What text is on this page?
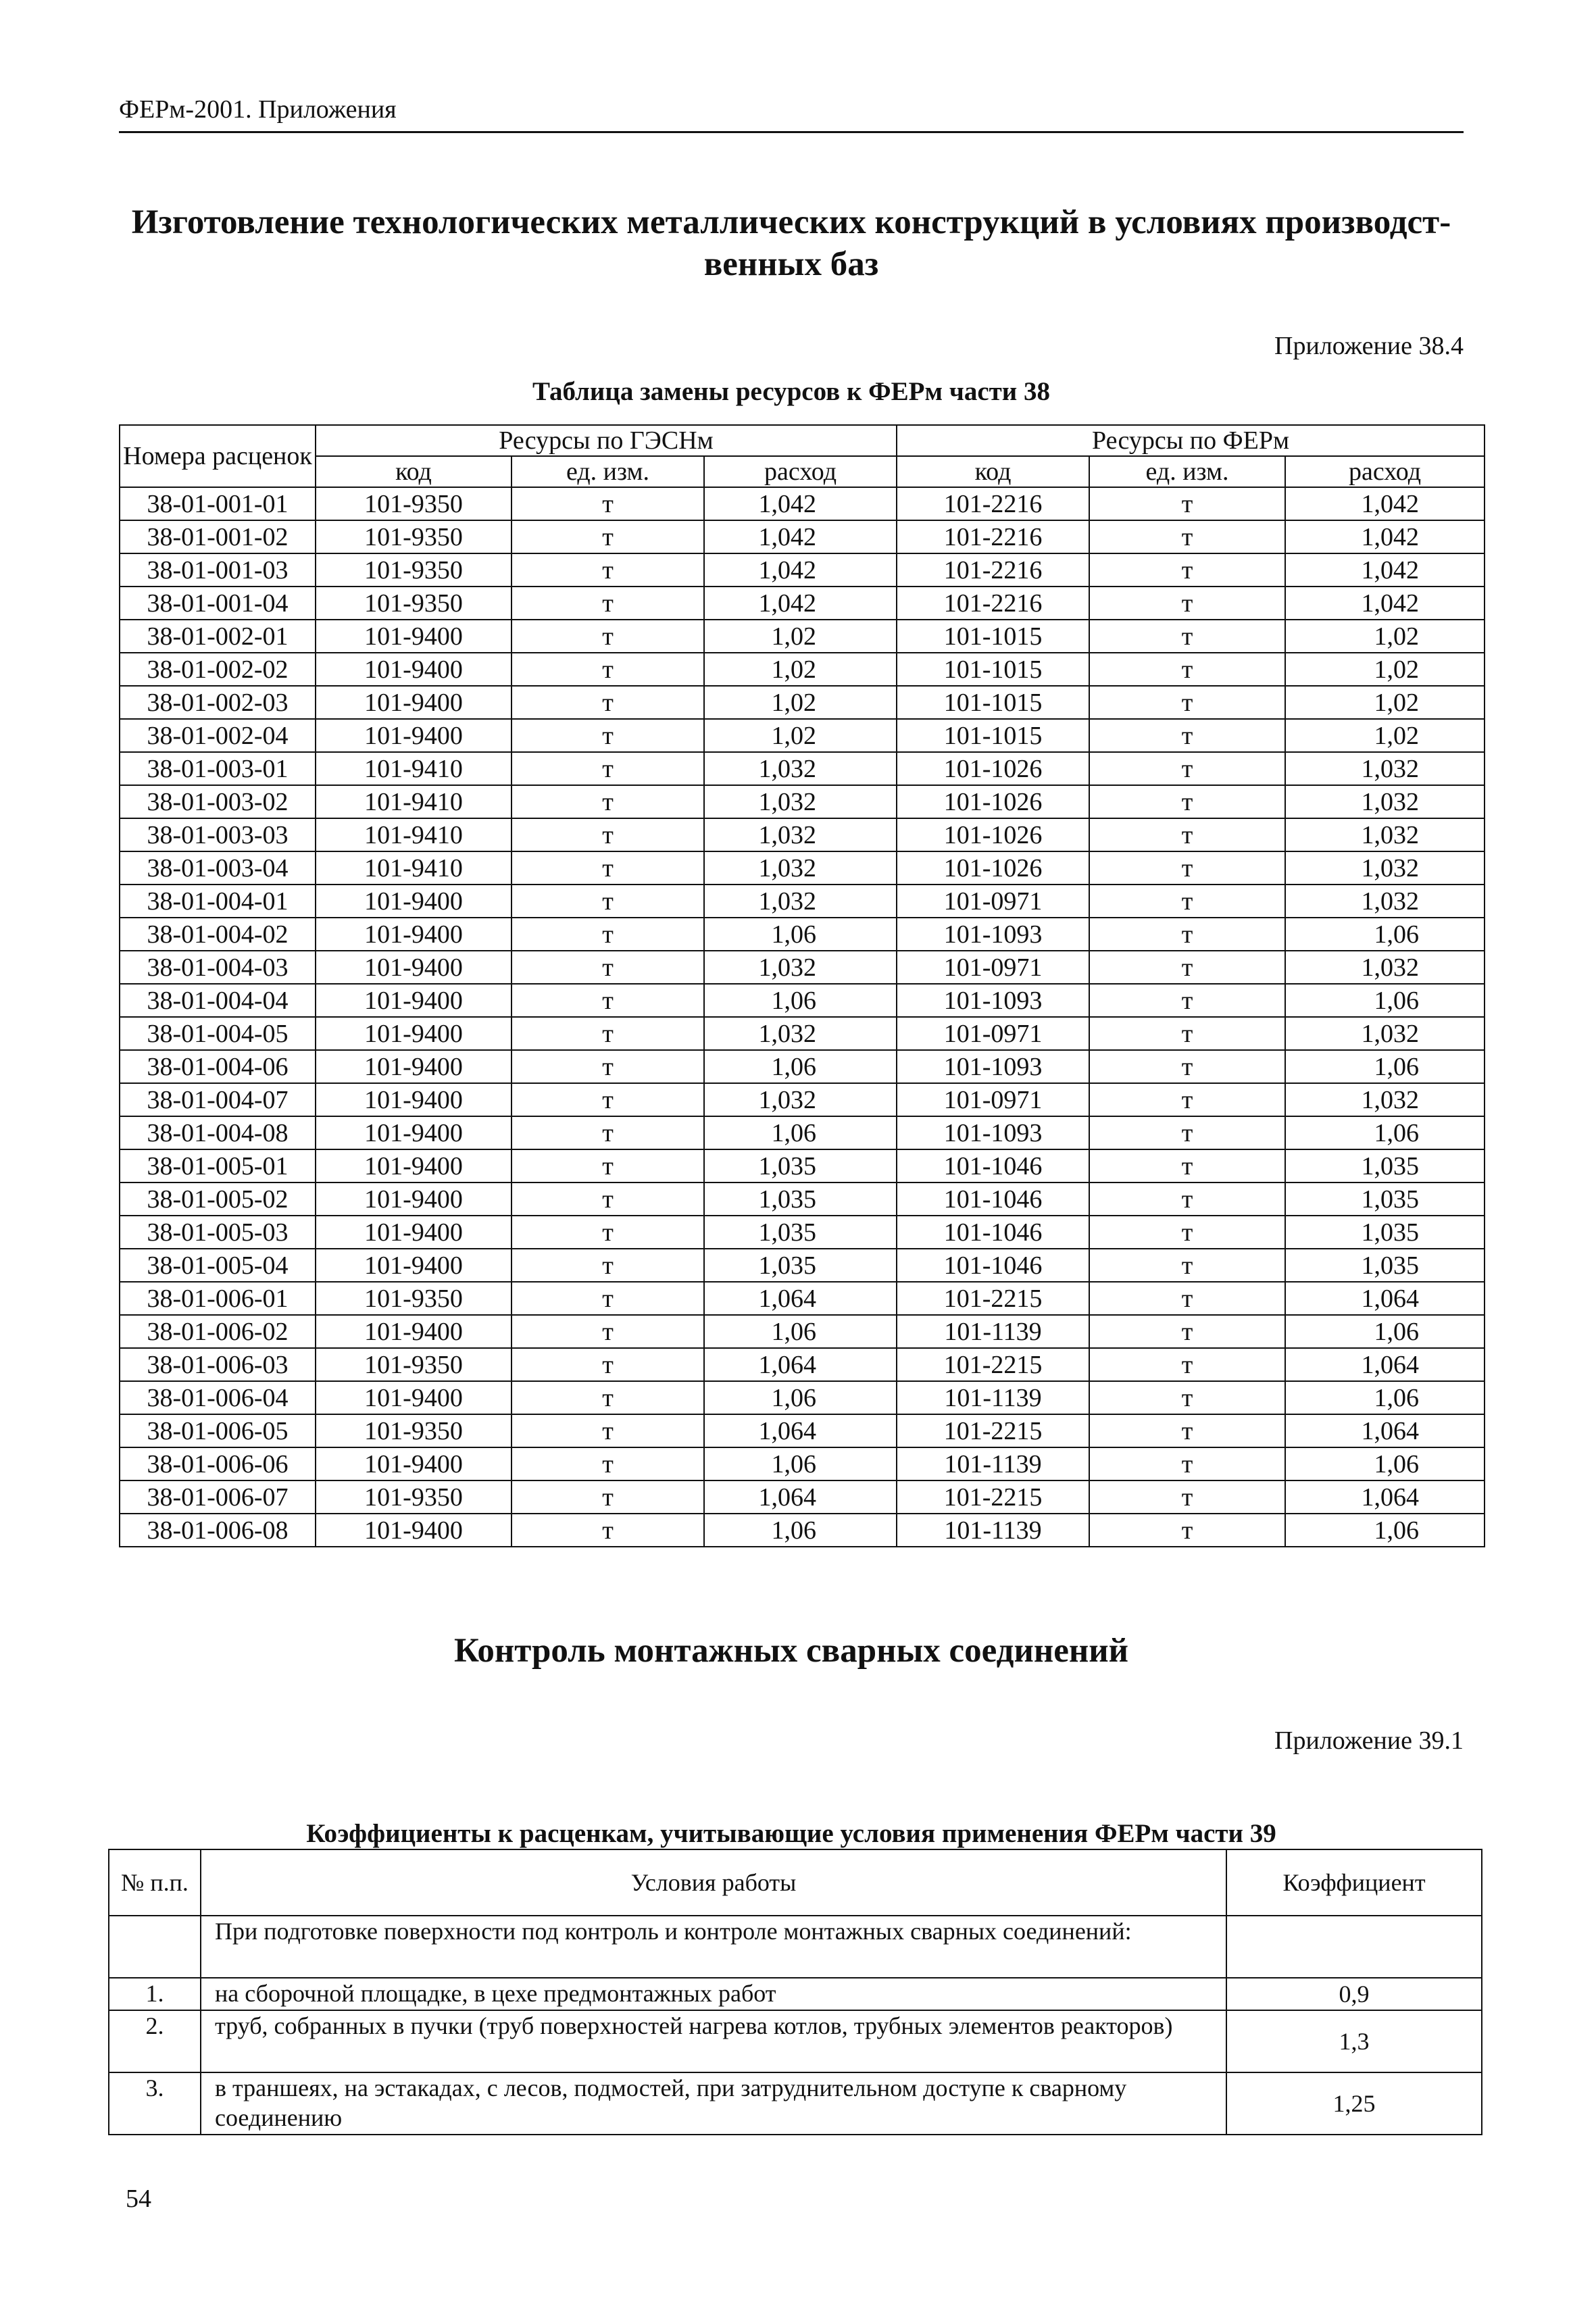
ФЕРм-2001. Приложения
Изготовление технологических металлических конструкций в условиях производст-
венных баз
Приложение 38.4
Таблица замены ресурсов к ФЕРм части 38
Номера расценок	Ресурсы по ГЭСНм			Ресурсы по ФЕРм		
	код	ед. изм.	расход	код	ед. изм.	расход
38-01-001-01	101-9350	т	1,042	101-2216	т	1,042
38-01-001-02	101-9350	т	1,042	101-2216	т	1,042
38-01-001-03	101-9350	т	1,042	101-2216	т	1,042
38-01-001-04	101-9350	т	1,042	101-2216	т	1,042
38-01-002-01	101-9400	т	1,02	101-1015	т	1,02
38-01-002-02	101-9400	т	1,02	101-1015	т	1,02
38-01-002-03	101-9400	т	1,02	101-1015	т	1,02
38-01-002-04	101-9400	т	1,02	101-1015	т	1,02
38-01-003-01	101-9410	т	1,032	101-1026	т	1,032
38-01-003-02	101-9410	т	1,032	101-1026	т	1,032
38-01-003-03	101-9410	т	1,032	101-1026	т	1,032
38-01-003-04	101-9410	т	1,032	101-1026	т	1,032
38-01-004-01	101-9400	т	1,032	101-0971	т	1,032
38-01-004-02	101-9400	т	1,06	101-1093	т	1,06
38-01-004-03	101-9400	т	1,032	101-0971	т	1,032
38-01-004-04	101-9400	т	1,06	101-1093	т	1,06
38-01-004-05	101-9400	т	1,032	101-0971	т	1,032
38-01-004-06	101-9400	т	1,06	101-1093	т	1,06
38-01-004-07	101-9400	т	1,032	101-0971	т	1,032
38-01-004-08	101-9400	т	1,06	101-1093	т	1,06
38-01-005-01	101-9400	т	1,035	101-1046	т	1,035
38-01-005-02	101-9400	т	1,035	101-1046	т	1,035
38-01-005-03	101-9400	т	1,035	101-1046	т	1,035
38-01-005-04	101-9400	т	1,035	101-1046	т	1,035
38-01-006-01	101-9350	т	1,064	101-2215	т	1,064
38-01-006-02	101-9400	т	1,06	101-1139	т	1,06
38-01-006-03	101-9350	т	1,064	101-2215	т	1,064
38-01-006-04	101-9400	т	1,06	101-1139	т	1,06
38-01-006-05	101-9350	т	1,064	101-2215	т	1,064
38-01-006-06	101-9400	т	1,06	101-1139	т	1,06
38-01-006-07	101-9350	т	1,064	101-2215	т	1,064
38-01-006-08	101-9400	т	1,06	101-1139	т	1,06
Контроль монтажных сварных соединений
Приложение 39.1
Коэффициенты к расценкам, учитывающие условия применения ФЕРм части 39
№ п.п.	Условия работы	Коэффициент
	При подготовке поверхности под контроль и контроле монтажных сварных соединений:	
1.	на сборочной площадке, в цехе предмонтажных работ	0,9
2.	труб, собранных в пучки (труб поверхностей нагрева котлов, трубных элементов реакторов)	1,3
3.	в траншеях, на эстакадах, с лесов, подмостей, при затруднительном доступе к сварному соединению	1,25
54
